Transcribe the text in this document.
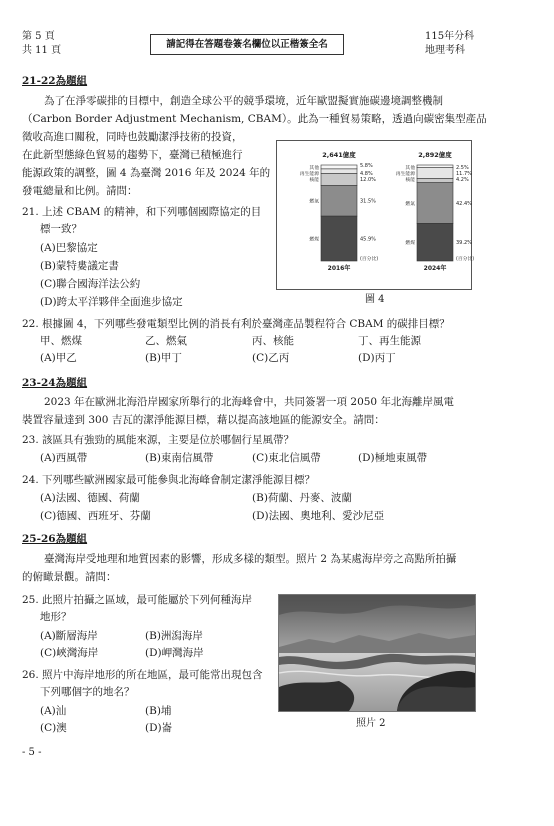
第 5 頁
共 11 頁
請記得在答題卷簽名欄位以正楷簽全名
115年分科
地理考科
21-22為題組
為了在淨零碳排的目標中，創造全球公平的競爭環境，近年歐盟擬實施碳邊境調整機制
（Carbon Border Adjustment Mechanism, CBAM）。此為一種貿易策略，透過向碳密集型產品
徵收高進口關稅，同時也鼓勵潔淨技術的投資，
在此新型態綠色貿易的趨勢下，臺灣已積極進行
能源政策的調整，圖 4 為臺灣 2016 年及 2024 年的
發電總量和比例。請問：
21. 上述 CBAM 的精神，和下列哪個國際協定的目
標一致？
(A)巴黎協定
(B)蒙特婁議定書
(C)聯合國海洋法公約
(D)跨太平洋夥伴全面進步協定
2,641億度
其他
再生能源	4.8%
核能	12.0%
燃氣	31.5%
燃煤	45.9%
5.8%
2016年
(百分比)
2,892億度
其他	2.5%
再生能源	11.7%
核能	4.2%
燃氣	42.4%
燃煤	39.2%
2024年
(百分比)
圖 4
22. 根據圖 4，下列哪些發電類型比例的消長有利於臺灣產品製程符合 CBAM 的碳排目標？
甲、燃煤	乙、燃氣	丙、核能	丁、再生能源
(A)甲乙	(B)甲丁	(C)乙丙	(D)丙丁
23-24為題組
2023 年在歐洲北海沿岸國家所舉行的北海峰會中，共同簽署一項 2050 年北海離岸風電
裝置容量達到 300 吉瓦的潔淨能源目標，藉以提高該地區的能源安全。請問：
23. 該區具有強勁的風能來源，主要是位於哪個行星風帶？
(A)西風帶	(B)東南信風帶	(C)東北信風帶	(D)極地東風帶
24. 下列哪些歐洲國家最可能參與北海峰會制定潔淨能源目標？
(A)法國、德國、荷蘭	(B)荷蘭、丹麥、波蘭
(C)德國、西班牙、芬蘭	(D)法國、奧地利、愛沙尼亞
25-26為題組
臺灣海岸受地理和地質因素的影響，形成多樣的類型。照片 2 為某處海岸旁之高點所拍攝
的俯瞰景觀。請問：
25. 此照片拍攝之區域，最可能屬於下列何種海岸
地形？
(A)斷層海岸	(B)洲潟海岸
(C)峽灣海岸	(D)岬灣海岸
26. 照片中海岸地形的所在地區，最可能常出現包含
下列哪個字的地名？
(A)汕	(B)埔
(C)澳	(D)崙	照片 2
- 5 -
